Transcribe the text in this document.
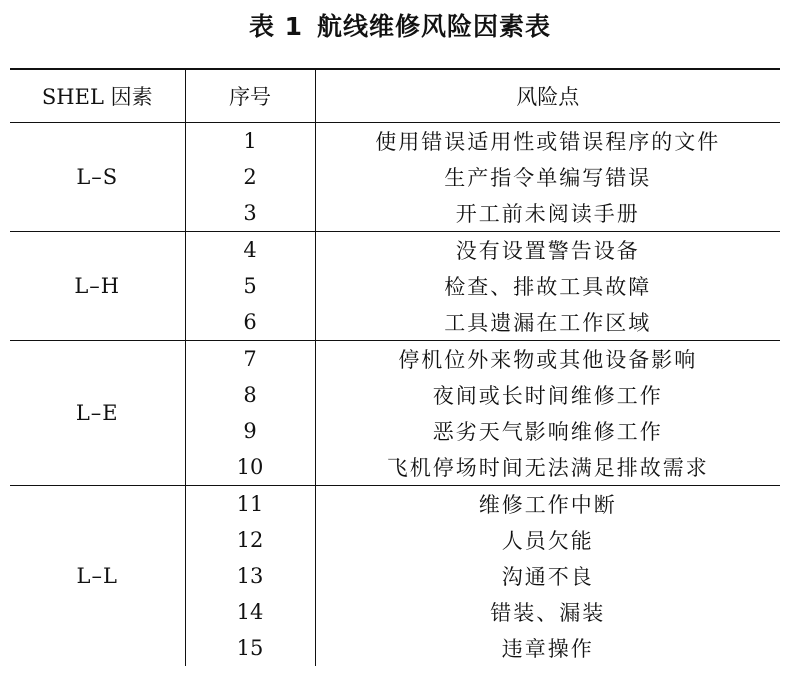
表 1 航线维修风险因素表
SHEL 因素	序号	风险点
L–S	1	使用错误适用性或错误程序的文件
	2	生产指令单编写错误
	3	开工前未阅读手册
L–H	4	没有设置警告设备
	5	检查、排故工具故障
	6	工具遗漏在工作区域
L–E	7	停机位外来物或其他设备影响
	8	夜间或长时间维修工作
	9	恶劣天气影响维修工作
	10	飞机停场时间无法满足排故需求
L–L	11	维修工作中断
	12	人员欠能
	13	沟通不良
	14	错装、漏装
	15	违章操作
